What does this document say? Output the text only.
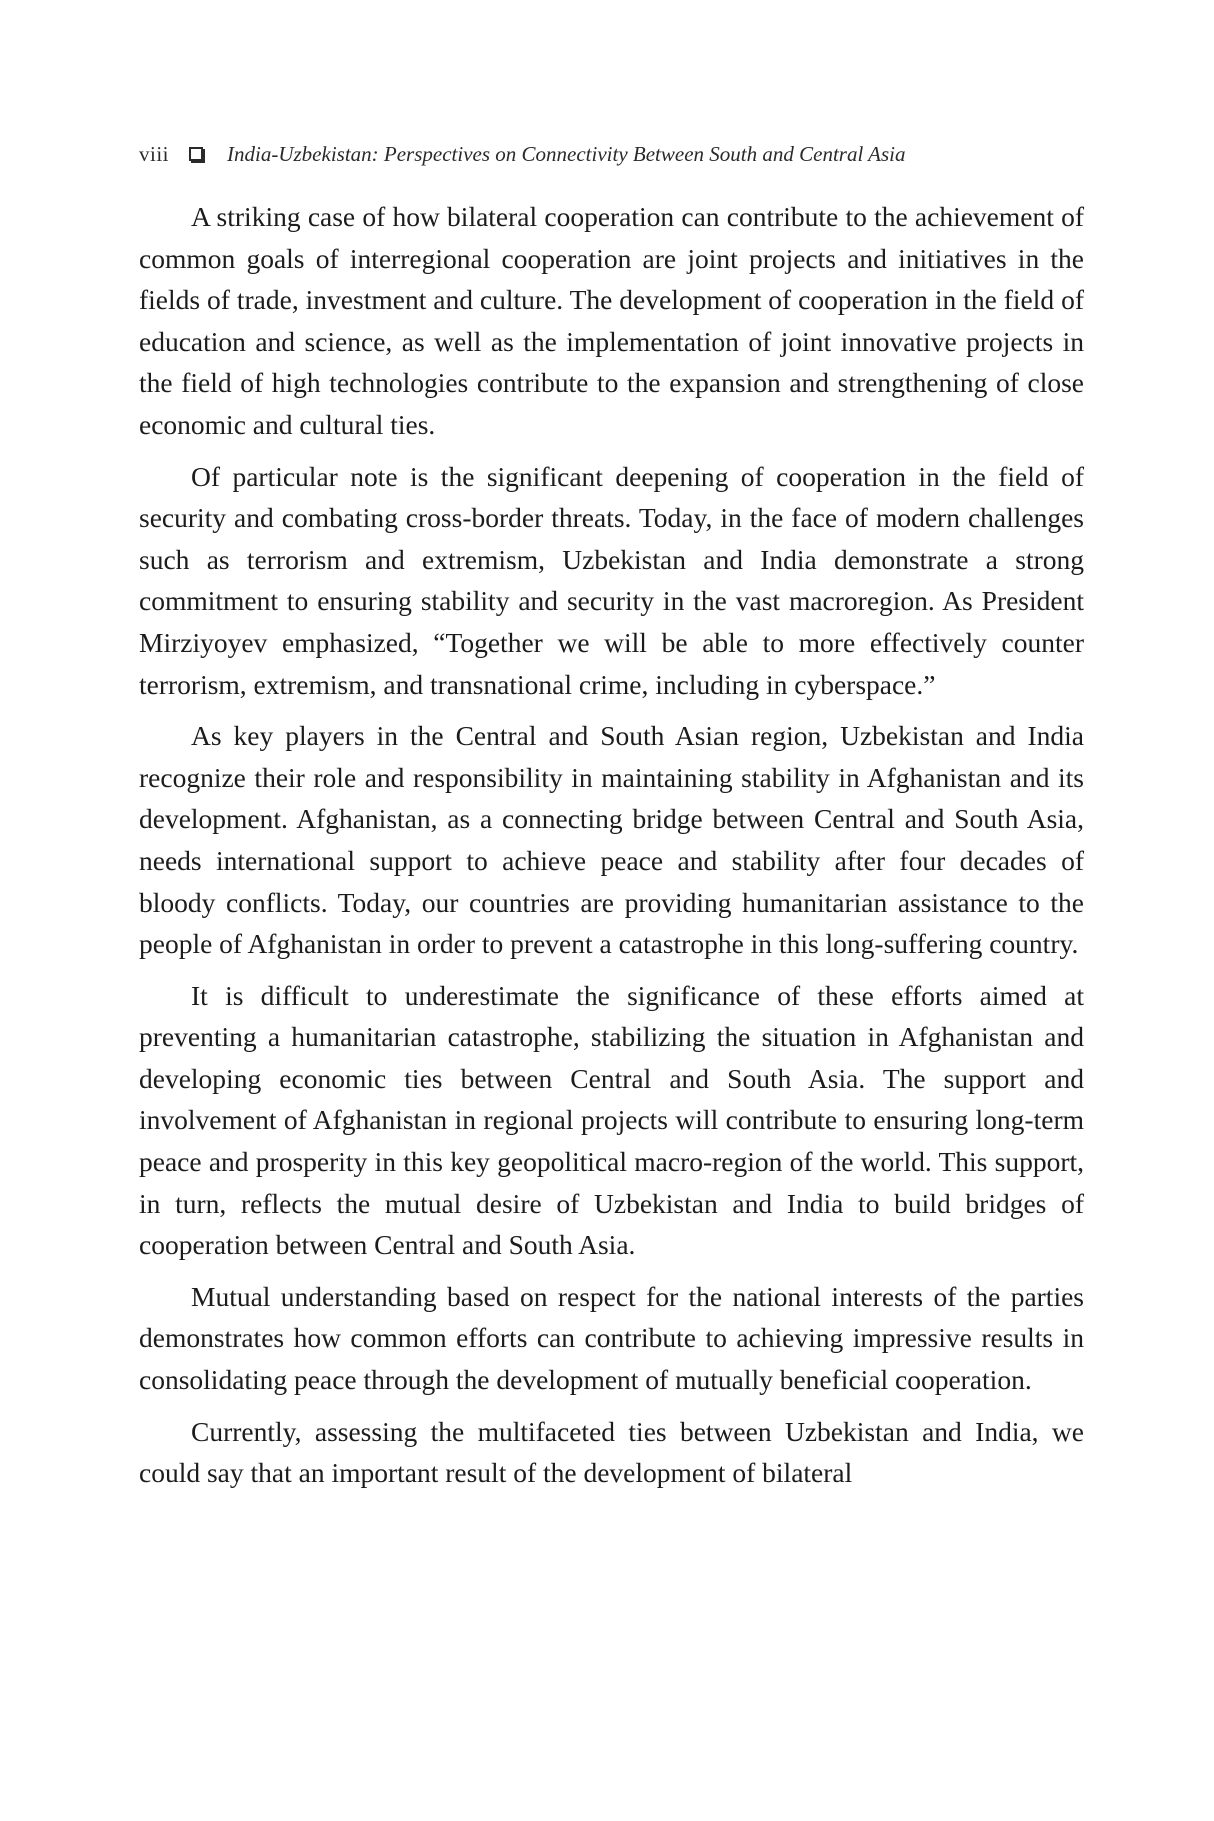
viii	India-Uzbekistan: Perspectives on Connectivity Between South and Central Asia

A striking case of how bilateral cooperation can contribute to the achievement of common goals of interregional cooperation are joint projects and initiatives in the fields of trade, investment and culture. The development of cooperation in the field of education and science, as well as the implementation of joint innovative projects in the field of high technologies contribute to the expansion and strengthening of close economic and cultural ties.

Of particular note is the significant deepening of cooperation in the field of security and combating cross-border threats. Today, in the face of modern challenges such as terrorism and extremism, Uzbekistan and India demonstrate a strong commitment to ensuring stability and security in the vast macroregion. As President Mirziyoyev emphasized, “Together we will be able to more effectively counter terrorism, extremism, and transnational crime, including in cyberspace.”

As key players in the Central and South Asian region, Uzbekistan and India recognize their role and responsibility in maintaining stability in Afghanistan and its development. Afghanistan, as a connecting bridge between Central and South Asia, needs international support to achieve peace and stability after four decades of bloody conflicts. Today, our countries are providing humanitarian assistance to the people of Afghanistan in order to prevent a catastrophe in this long-suffering country.

It is difficult to underestimate the significance of these efforts aimed at preventing a humanitarian catastrophe, stabilizing the situation in Afghanistan and developing economic ties between Central and South Asia. The support and involvement of Afghanistan in regional projects will contribute to ensuring long-term peace and prosperity in this key geopolitical macro-region of the world. This support, in turn, reflects the mutual desire of Uzbekistan and India to build bridges of cooperation between Central and South Asia.

Mutual understanding based on respect for the national interests of the parties demonstrates how common efforts can contribute to achieving impressive results in consolidating peace through the development of mutually beneficial cooperation.

Currently, assessing the multifaceted ties between Uzbekistan and India, we could say that an important result of the development of bilateral
